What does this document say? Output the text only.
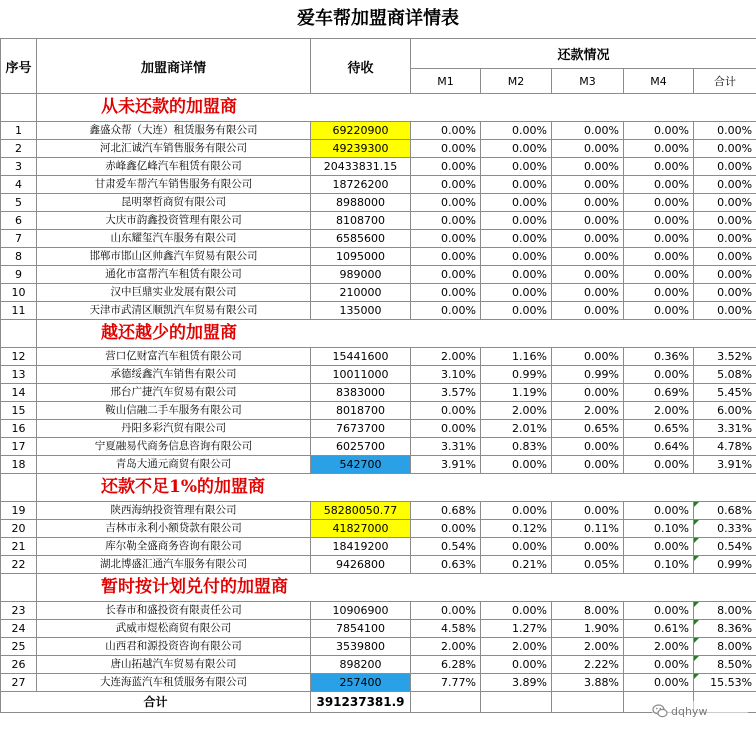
爱车帮加盟商详情表
序号	加盟商详情	待收	还款情况				
			M1	M2	M3	M4	合计
	从未还款的加盟商						
1	鑫盛众帮（大连）租赁服务有限公司	69220900	0.00%	0.00%	0.00%	0.00%	0.00%
2	河北汇诚汽车销售服务有限公司	49239300	0.00%	0.00%	0.00%	0.00%	0.00%
3	赤峰鑫亿峰汽车租赁有限公司	20433831.15	0.00%	0.00%	0.00%	0.00%	0.00%
4	甘肃爱车帮汽车销售服务有限公司	18726200	0.00%	0.00%	0.00%	0.00%	0.00%
5	昆明翠哲商贸有限公司	8988000	0.00%	0.00%	0.00%	0.00%	0.00%
6	大庆市韵鑫投资管理有限公司	8108700	0.00%	0.00%	0.00%	0.00%	0.00%
7	山东耀玺汽车服务有限公司	6585600	0.00%	0.00%	0.00%	0.00%	0.00%
8	邯郸市邯山区帅鑫汽车贸易有限公司	1095000	0.00%	0.00%	0.00%	0.00%	0.00%
9	通化市富帮汽车租赁有限公司	989000	0.00%	0.00%	0.00%	0.00%	0.00%
10	汉中巨鼎实业发展有限公司	210000	0.00%	0.00%	0.00%	0.00%	0.00%
11	天津市武清区顺凯汽车贸易有限公司	135000	0.00%	0.00%	0.00%	0.00%	0.00%
	越还越少的加盟商						
12	营口亿财富汽车租赁有限公司	15441600	2.00%	1.16%	0.00%	0.36%	3.52%
13	承德绥鑫汽车销售有限公司	10011000	3.10%	0.99%	0.99%	0.00%	5.08%
14	邢台广捷汽车贸易有限公司	8383000	3.57%	1.19%	0.00%	0.69%	5.45%
15	鞍山信融二手车服务有限公司	8018700	0.00%	2.00%	2.00%	2.00%	6.00%
16	丹阳多彩汽贸有限公司	7673700	0.00%	2.01%	0.65%	0.65%	3.31%
17	宁夏融易代商务信息咨询有限公司	6025700	3.31%	0.83%	0.00%	0.64%	4.78%
18	青岛大通元商贸有限公司	542700	3.91%	0.00%	0.00%	0.00%	3.91%
	还款不足1%的加盟商						
19	陕西海纳投资管理有限公司	58280050.77	0.68%	0.00%	0.00%	0.00%	0.68%
20	吉林市永利小额贷款有限公司	41827000	0.00%	0.12%	0.11%	0.10%	0.33%
21	库尔勒全盛商务咨询有限公司	18419200	0.54%	0.00%	0.00%	0.00%	0.54%
22	湖北博盛汇通汽车服务有限公司	9426800	0.63%	0.21%	0.05%	0.10%	0.99%
	暂时按计划兑付的加盟商						
23	长春市和盛投资有限责任公司	10906900	0.00%	0.00%	8.00%	0.00%	8.00%
24	武威市煜松商贸有限公司	7854100	4.58%	1.27%	1.90%	0.61%	8.36%
25	山西君和源投资咨询有限公司	3539800	2.00%	2.00%	2.00%	2.00%	8.00%
26	唐山拓越汽车贸易有限公司	898200	6.28%	0.00%	2.22%	0.00%	8.50%
27	大连海蓝汽车租赁服务有限公司	257400	7.77%	3.89%	3.88%	0.00%	15.53%
合计		391237381.9					
dqhyw
